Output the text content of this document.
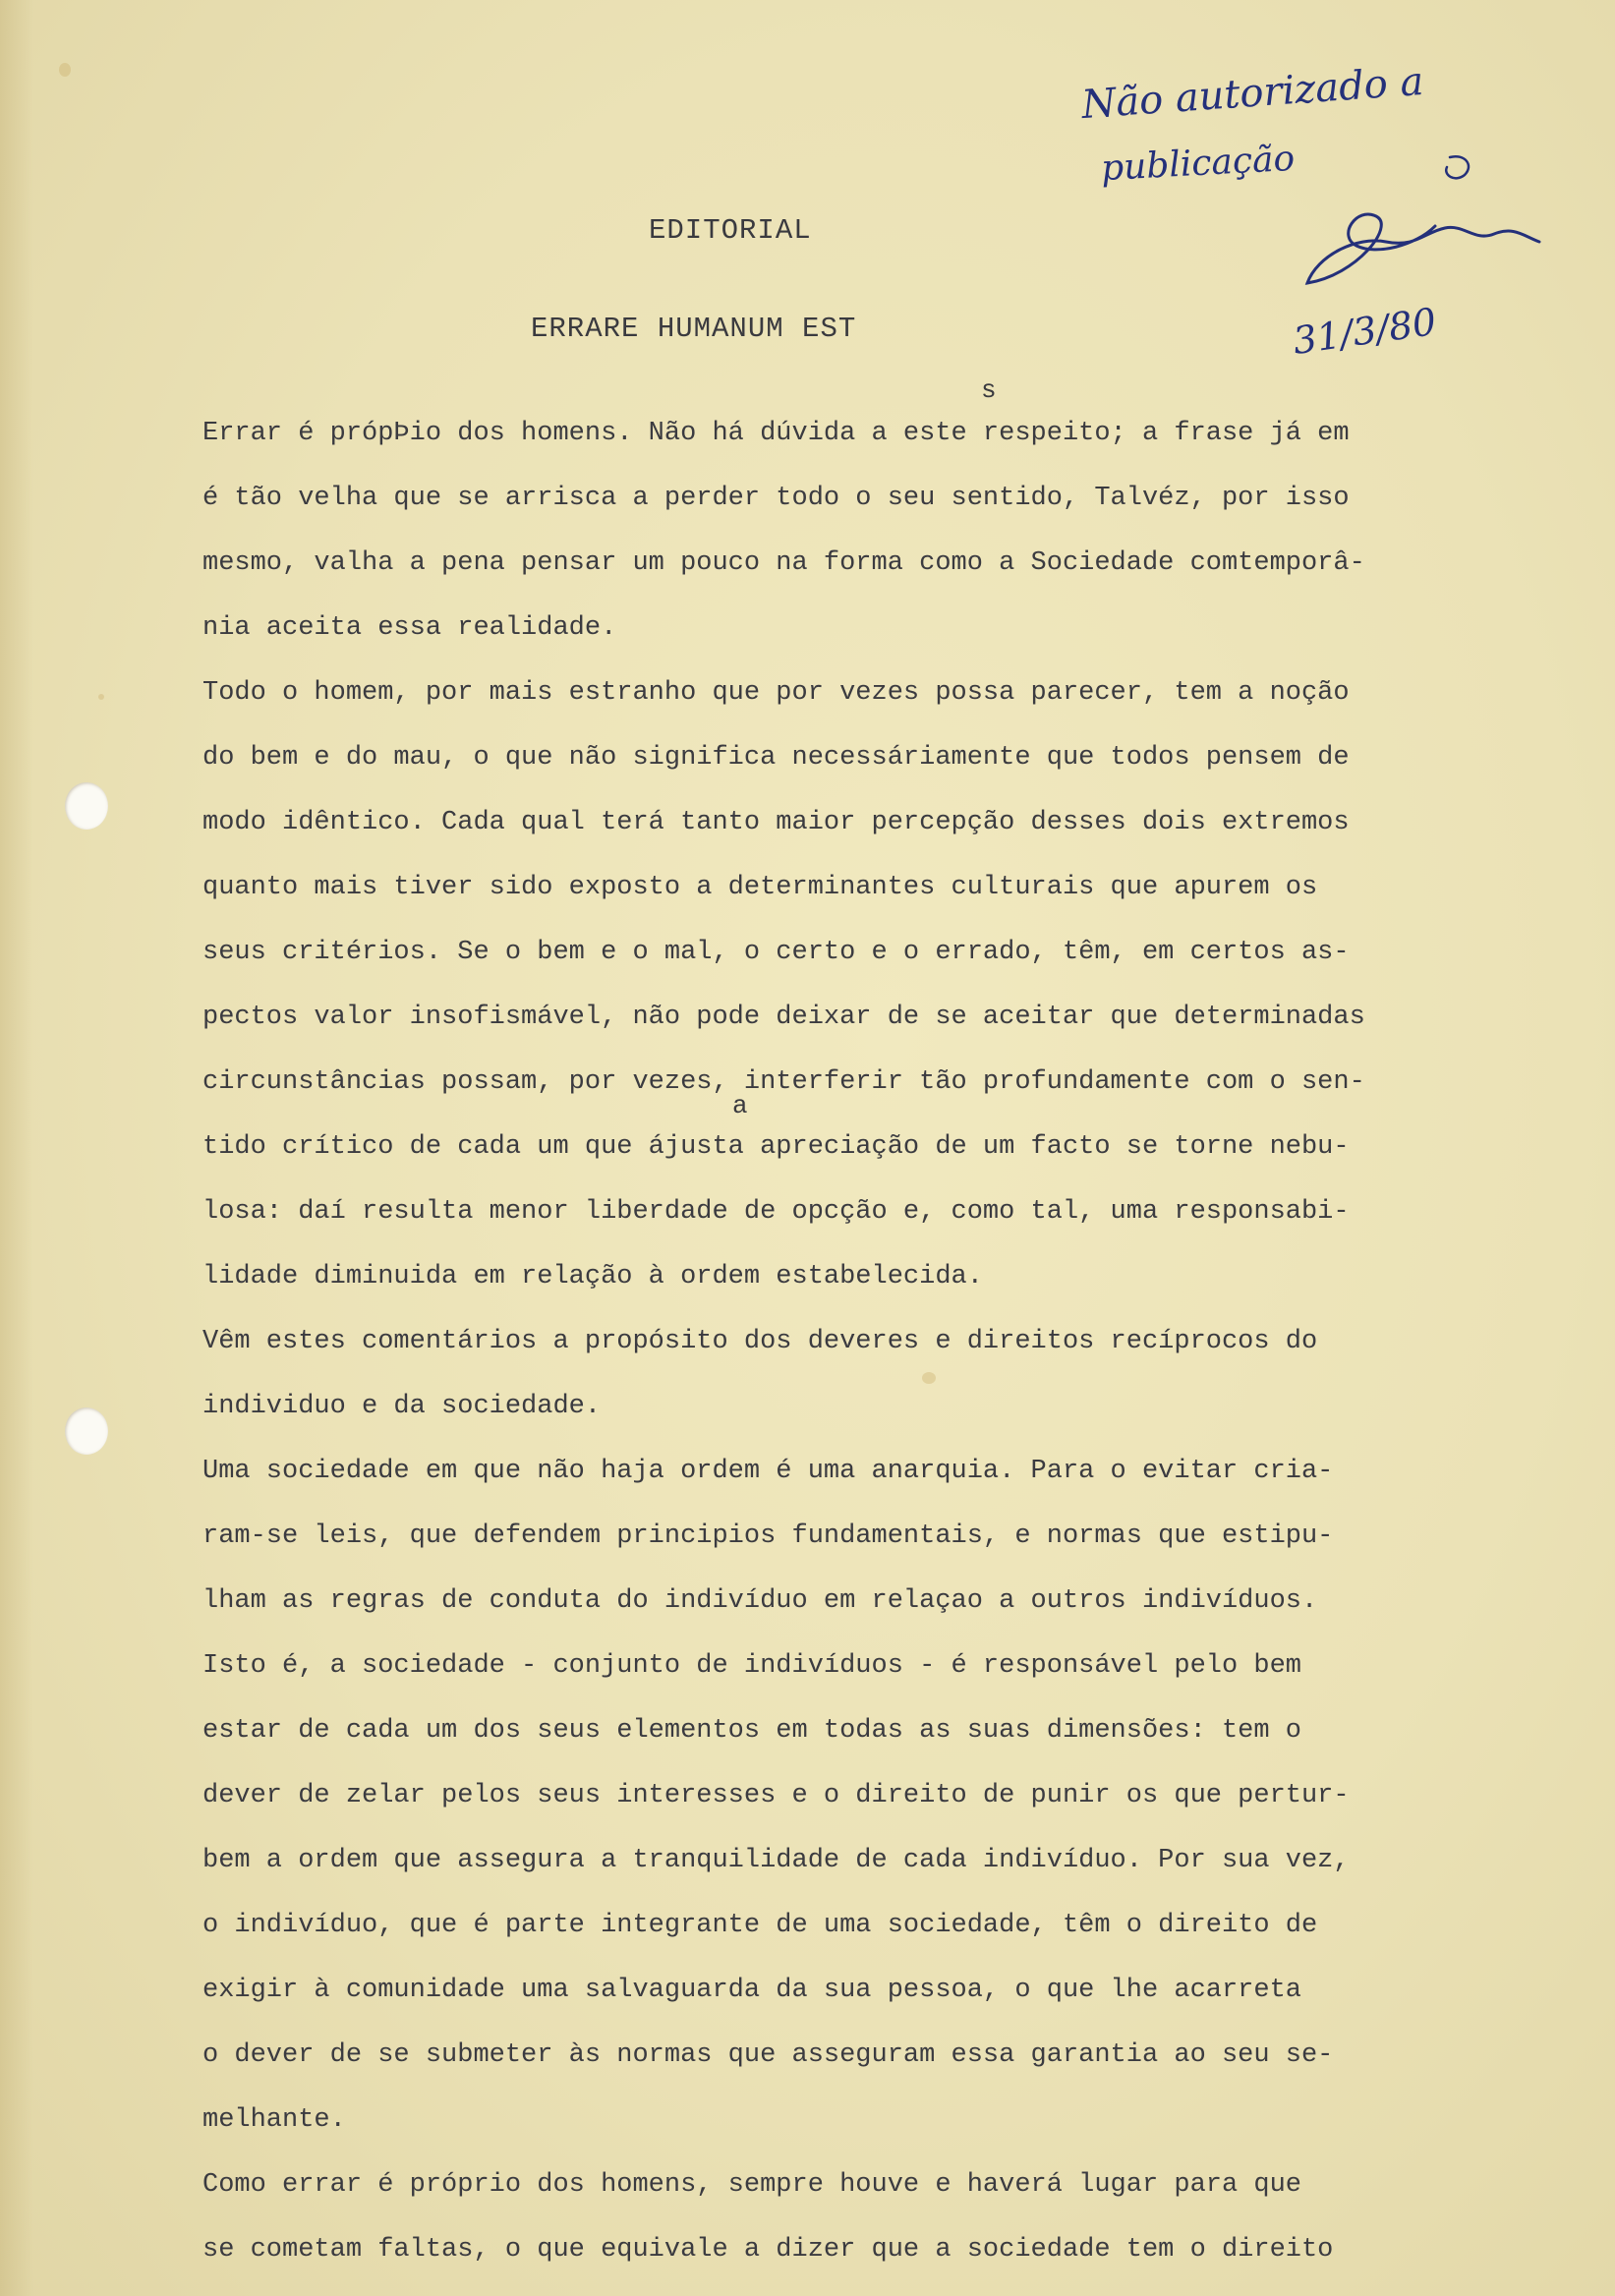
Não autorizado a
publicação
31/3/80
EDITORIAL
ERRARE HUMANUM EST
s
a
Errar é própÞio dos homens. Não há dúvida a este respeito; a frase já em
é tão velha que se arrisca a perder todo o seu sentido, Talvéz, por isso
mesmo, valha a pena pensar um pouco na forma como a Sociedade comtemporâ-
nia aceita essa realidade.
Todo o homem, por mais estranho que por vezes possa parecer, tem a noção
do bem e do mau, o que não significa necessáriamente que todos pensem de
modo idêntico. Cada qual terá tanto maior percepção desses dois extremos
quanto mais tiver sido exposto a determinantes culturais que apurem os
seus critérios. Se o bem e o mal, o certo e o errado, têm, em certos as-
pectos valor insofismável, não pode deixar de se aceitar que determinadas
circunstâncias possam, por vezes, interferir tão profundamente com o sen-
tido crítico de cada um que ájusta apreciação de um facto se torne nebu-
losa: daí resulta menor liberdade de opcção e, como tal, uma responsabi-
lidade diminuida em relação à ordem estabelecida.
Vêm estes comentários a propósito dos deveres e direitos recíprocos do
individuo e da sociedade.
Uma sociedade em que não haja ordem é uma anarquia. Para o evitar cria-
ram-se leis, que defendem principios fundamentais, e normas que estipu-
lham as regras de conduta do indivíduo em relaçao a outros indivíduos.
Isto é, a sociedade - conjunto de indivíduos - é responsável pelo bem
estar de cada um dos seus elementos em todas as suas dimensões: tem o
dever de zelar pelos seus interesses e o direito de punir os que pertur-
bem a ordem que assegura a tranquilidade de cada indivíduo. Por sua vez,
o indivíduo, que é parte integrante de uma sociedade, têm o direito de
exigir à comunidade uma salvaguarda da sua pessoa, o que lhe acarreta
o dever de se submeter às normas que asseguram essa garantia ao seu se-
melhante.
Como errar é próprio dos homens, sempre houve e haverá lugar para que
se cometam faltas, o que equivale a dizer que a sociedade tem o direito
